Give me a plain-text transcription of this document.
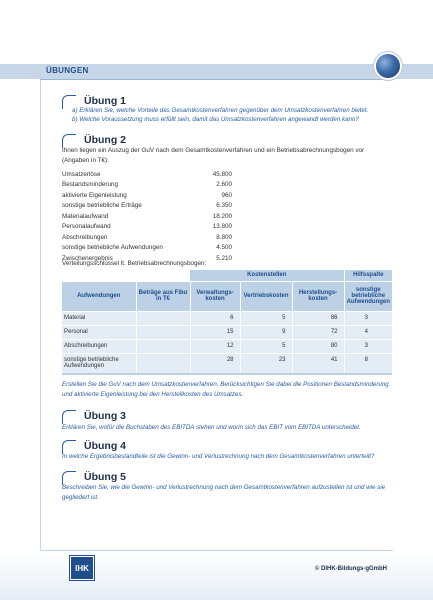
ÜBUNGEN
IHK	© DIHK-Bildungs-gGmbH
Übung 1
a) Erklären Sie, welche Vorteile das Gesamtkostenverfahren gegenüber dem Umsatzkostenverfahren bietet.
b) Welche Voraussetzung muss erfüllt sein, damit das Umsatzkostenverfahren angewandt werden kann?
Übung 2
Ihnen liegen ein Auszug der GuV nach dem Gesamtkostenverfahren und ein Betriebsabrechnungsbogen vor (Angaben in T€):
Umsatzerlöse	45.800
Bestandsminderung	2.600
aktivierte Eigenleistung	960
sonstige betriebliche Erträge	6.350
Materialaufwand	18.200
Personalaufwand	13.800
Abschreibungen	8.800
sonstige betriebliche Aufwendungen	4.500
Zwischenergebnis	5.210
Verteilungsschlüssel lt. Betriebsabrechnungsbogen:
		Kostenstellen			Hilfsspalte
Aufwendungen	Beträge aus Fibu in T€	Verwaltungs-kosten	Vertriebskosten	Herstellungs-kosten	sonstige betriebliche Aufwendungen
Material		6	5	86	3
Personal		15	9	72	4
Abschreibungen		12	5	80	3
sonstige betriebliche Aufwendungen		28	23	41	8
Erstellen Sie die GuV nach dem Umsatzkostenverfahren. Berücksichtigen Sie dabei die Positionen Bestandsminderung und aktivierte Eigenleistung bei den Herstellkosten des Umsatzes.
Übung 3
Erklären Sie, wofür die Buchstaben des EBITDA stehen und worin sich das EBIT vom EBITDA unterscheidet.
Übung 4
In welche Ergebnisbestandteile ist die Gewinn- und Verlustrechnung nach dem Gesamtkostenverfahren unterteilt?
Übung 5
Beschreiben Sie, wie die Gewinn- und Verlustrechnung nach dem Gesamtkostenverfahren aufzustellen ist und wie sie gegliedert ist.
